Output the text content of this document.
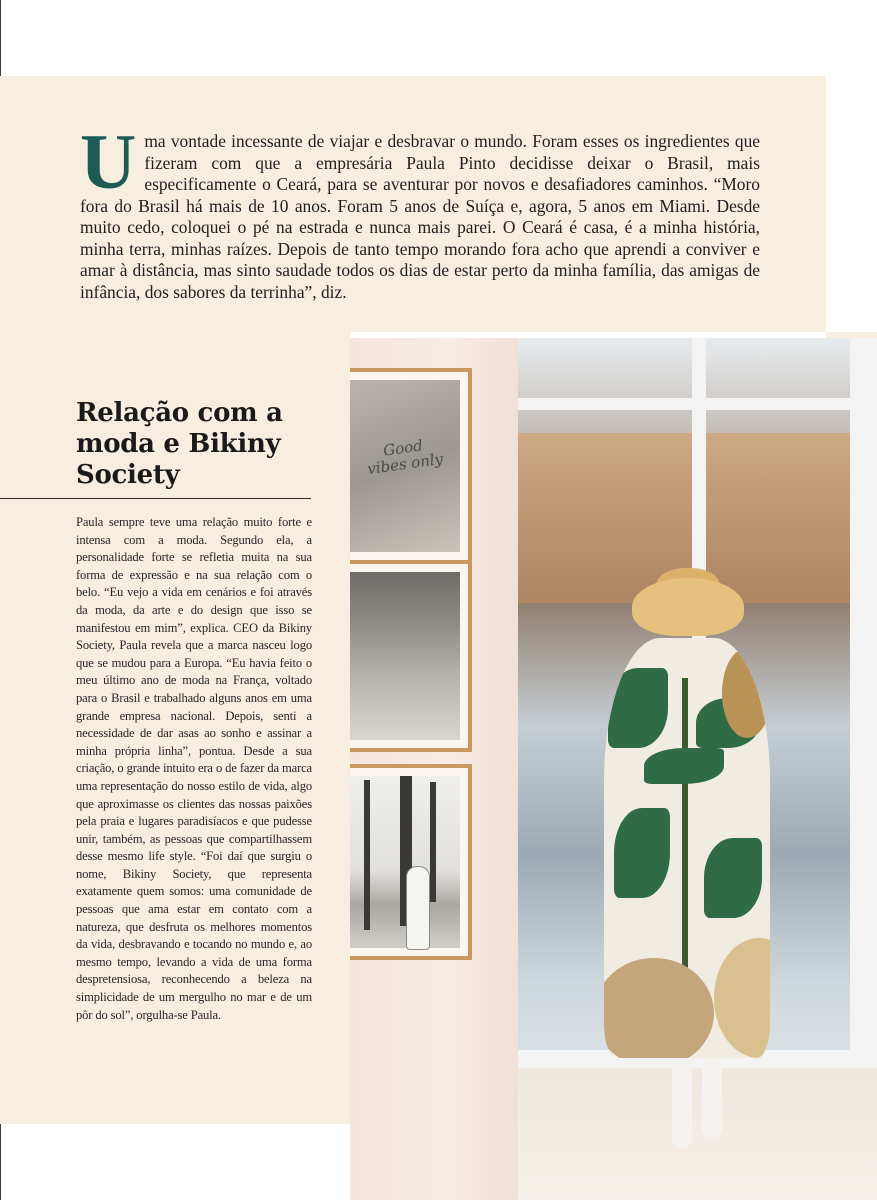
Uma vontade incessante de viajar e desbravar o mundo. Foram esses os ingredientes que fizeram com que a empresária Paula Pinto decidisse deixar o Brasil, mais especificamente o Ceará, para se aventurar por novos e desafiadores caminhos. “Moro fora do Brasil há mais de 10 anos. Foram 5 anos de Suíça e, agora, 5 anos em Miami. Desde muito cedo, coloquei o pé na estrada e nunca mais parei. O Ceará é casa, é a minha história, minha terra, minhas raízes. Depois de tanto tempo morando fora acho que aprendi a conviver e amar à distância, mas sinto saudade todos os dias de estar perto da minha família, das amigas de infância, dos sabores da terrinha”, diz.

Relação com a moda e Bikiny Society

Paula sempre teve uma relação muito forte e intensa com a moda. Segundo ela, a personalidade forte se refletia muita na sua forma de expressão e na sua relação com o belo. “Eu vejo a vida em cenários e foi através da moda, da arte e do design que isso se manifestou em mim”, explica. CEO da Bikiny Society, Paula revela que a marca nasceu logo que se mudou para a Europa. “Eu havia feito o meu último ano de moda na França, voltado para o Brasil e trabalhado alguns anos em uma grande empresa nacional. Depois, senti a necessidade de dar asas ao sonho e assinar a minha própria linha”, pontua. Desde a sua criação, o grande intuito era o de fazer da marca uma representação do nosso estilo de vida, algo que aproximasse os clientes das nossas paixões pela praia e lugares paradisíacos e que pudesse unir, também, as pessoas que compartilhassem desse mesmo life style. “Foi daí que surgiu o nome, Bikiny Society, que representa exatamente quem somos: uma comunidade de pessoas que ama estar em contato com a natureza, que desfruta os melhores momentos da vida, desbravando e tocando no mundo e, ao mesmo tempo, levando a vida de uma forma despretensiosa, reconhecendo a beleza na simplicidade de um mergulho no mar e de um pôr do sol”, orgulha-se Paula.

Good vibes only
